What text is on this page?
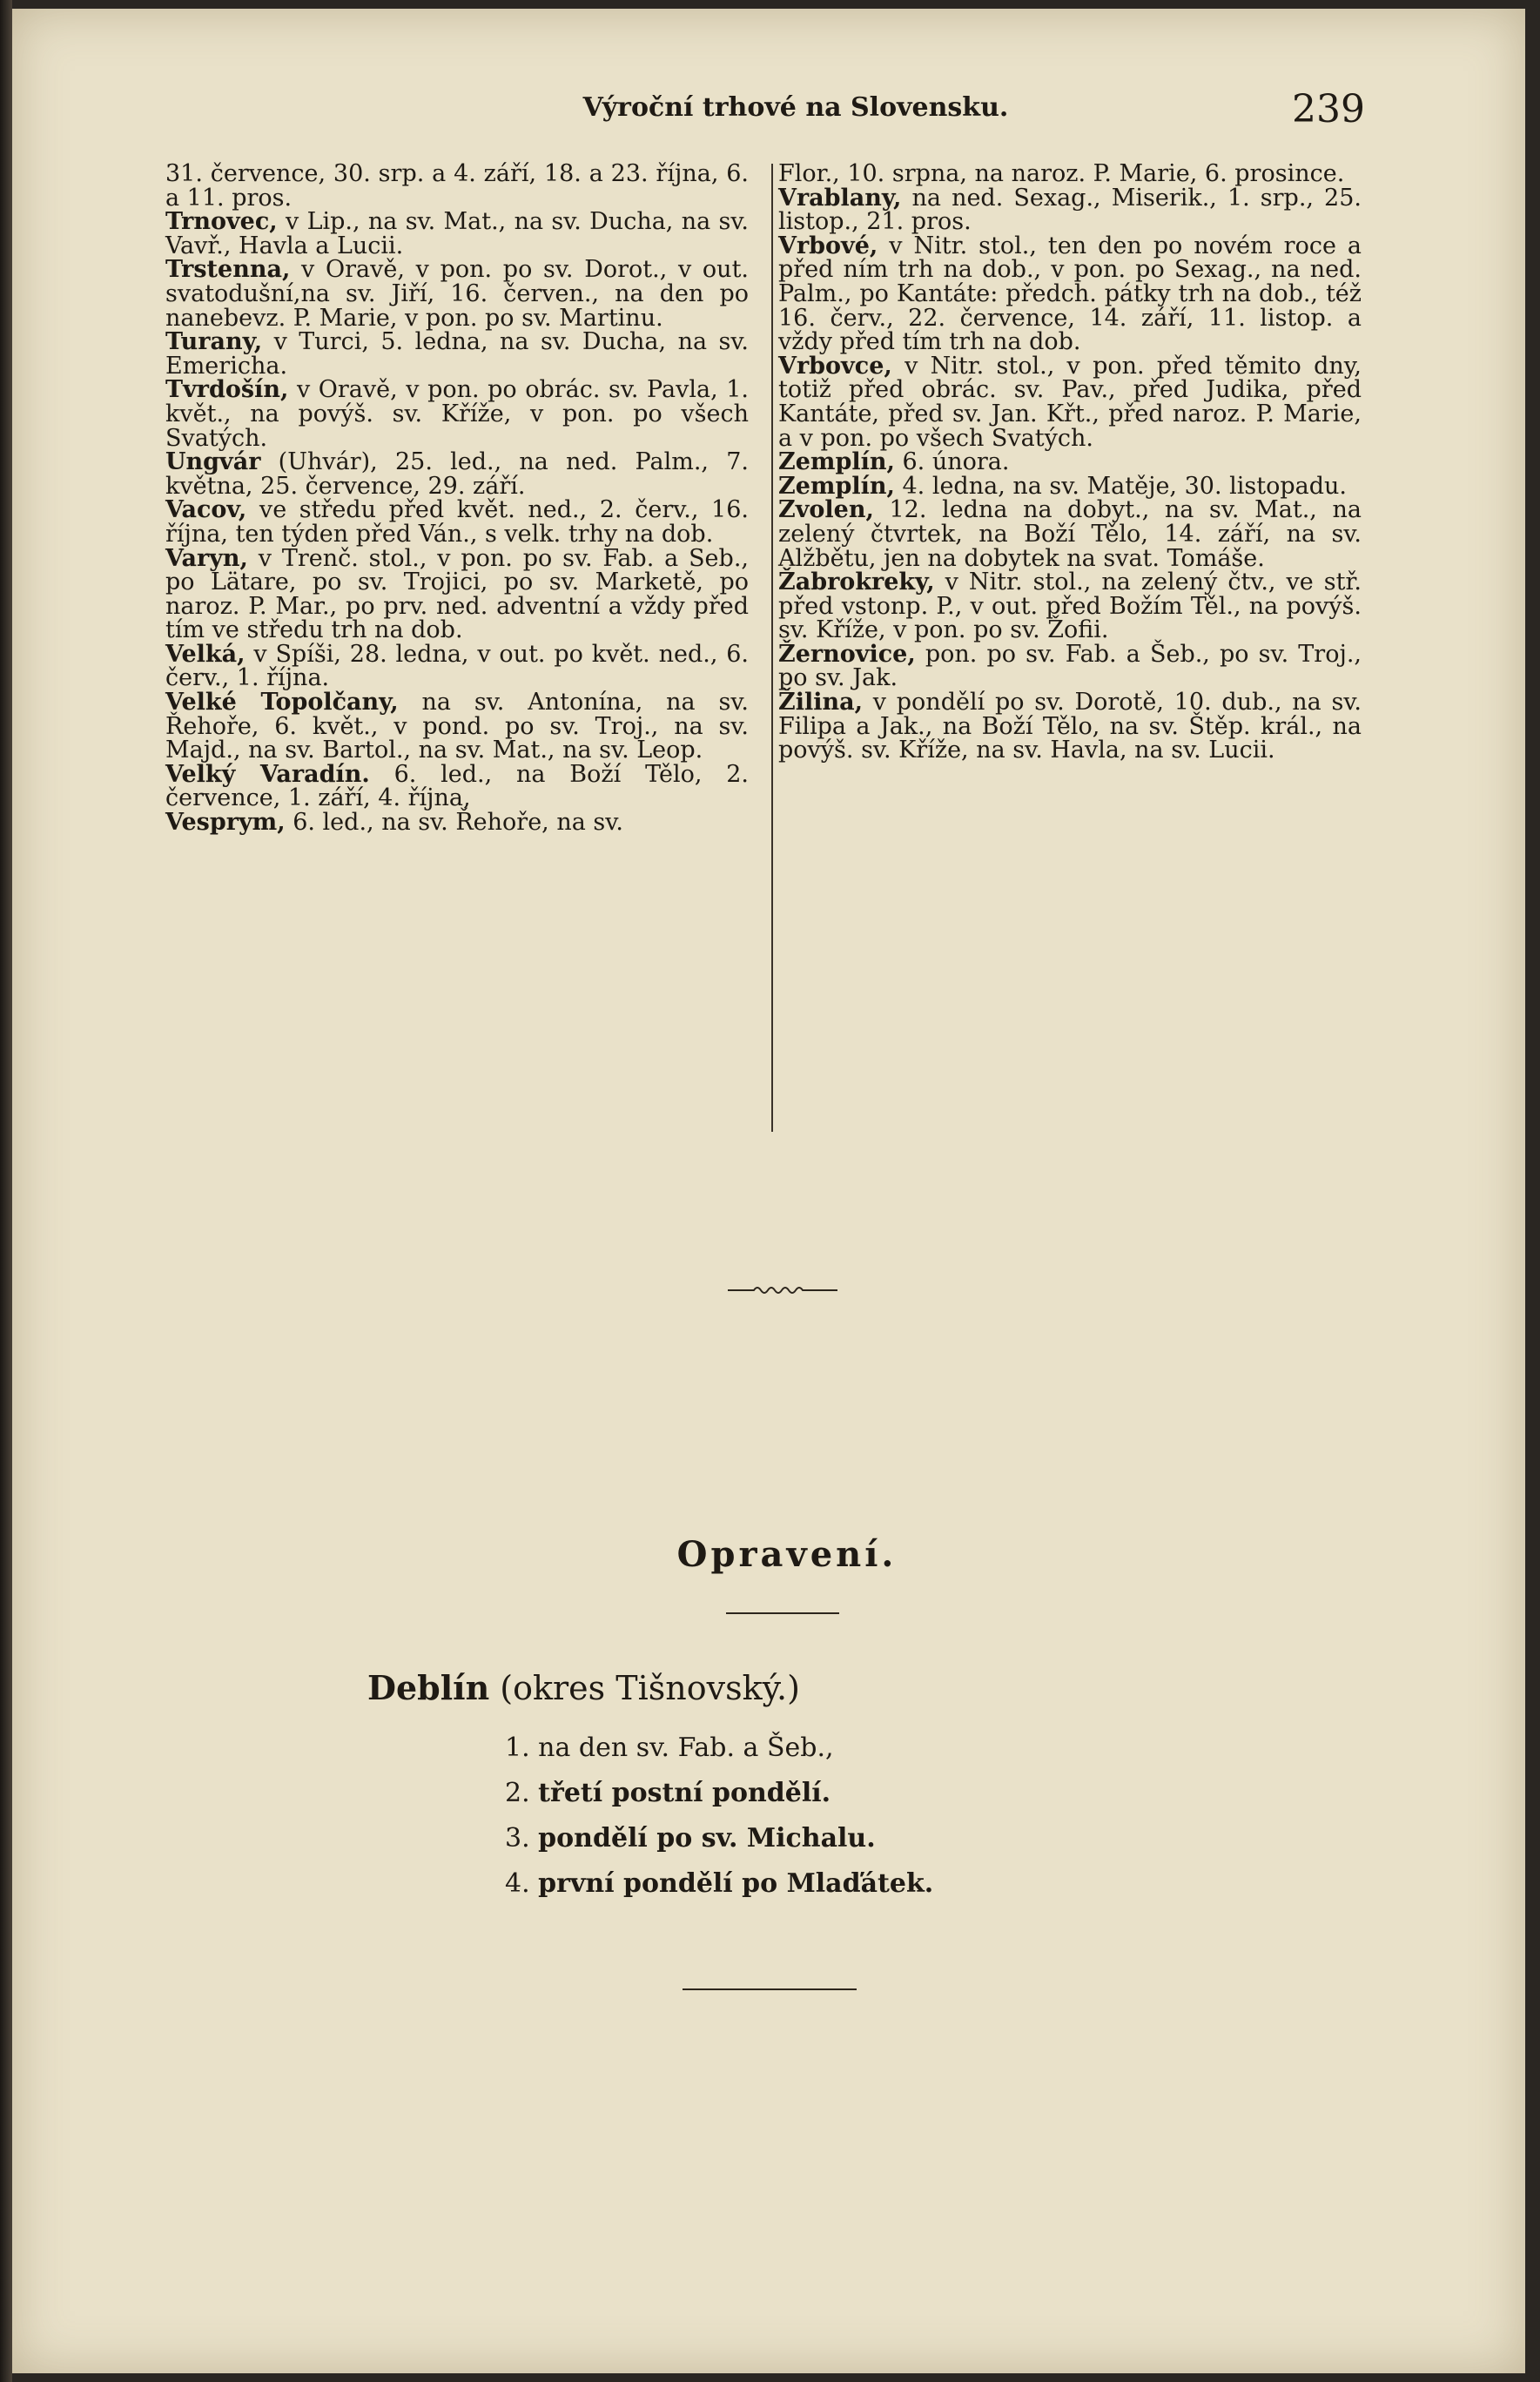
Výroční trhové na Slovensku.	239
31. července, 30. srp. a 4. září, 18. a 23. října, 6. a 11. pros.
Trnovec, v Lip., na sv. Mat., na sv. Ducha, na sv. Vavř., Havla a Lucii.
Trstenna, v Oravě, v pon. po sv. Dorot., v out. svatodušní,na sv. Jiří, 16. červen., na den po nanebevz. P. Marie, v pon. po sv. Martinu.
Turany, v Turci, 5. ledna, na sv. Ducha, na sv. Emericha.
Tvrdošín, v Oravě, v pon. po obrác. sv. Pavla, 1. květ., na povýš. sv. Kříže, v pon. po všech Svatých.
Ungvár (Uhvár), 25. led., na ned. Palm., 7. května, 25. července, 29. září.
Vacov, ve středu před květ. ned., 2. červ., 16. října, ten týden před Ván., s velk. trhy na dob.
Varyn, v Trenč. stol., v pon. po sv. Fab. a Seb., po Lätare, po sv. Trojici, po sv. Marketě, po naroz. P. Mar., po prv. ned. adventní a vždy před tím ve středu trh na dob.
Velká, v Spíši, 28. ledna, v out. po květ. ned., 6. červ., 1. října.
Velké Topolčany, na sv. Antonína, na sv. Řehoře, 6. květ., v pond. po sv. Troj., na sv. Majd., na sv. Bartol., na sv. Mat., na sv. Leop.
Velký Varadín. 6. led., na Boží Tělo, 2. července, 1. září, 4. října,
Vesprym, 6. led., na sv. Řehoře, na sv.
Flor., 10. srpna, na naroz. P. Marie, 6. prosince.
Vrablany, na ned. Sexag., Miserik., 1. srp., 25. listop., 21. pros.
Vrbové, v Nitr. stol., ten den po novém roce a před ním trh na dob., v pon. po Sexag., na ned. Palm., po Kantáte: předch. pátky trh na dob., též 16. červ., 22. července, 14. září, 11. listop. a vždy před tím trh na dob.
Vrbovce, v Nitr. stol., v pon. před těmito dny, totiž před obrác. sv. Pav., před Judika, před Kantáte, před sv. Jan. Křt., před naroz. P. Marie, a v pon. po všech Svatých.
Zemplín, 6. února.
Zemplín, 4. ledna, na sv. Matěje, 30. listopadu.
Zvolen, 12. ledna na dobyt., na sv. Mat., na zelený čtvrtek, na Boží Tělo, 14. září, na sv. Alžbětu, jen na dobytek na svat. Tomáše.
Žabrokreky, v Nitr. stol., na zelený čtv., ve stř. před vstonp. P., v out. před Božím Těl., na povýš. sv. Kříže, v pon. po sv. Žofii.
Žernovice, pon. po sv. Fab. a Šeb., po sv. Troj., po sv. Jak.
Žilina, v pondělí po sv. Dorotě, 10. dub., na sv. Filipa a Jak., na Boží Tělo, na sv. Štěp. král., na povýš. sv. Kříže, na sv. Havla, na sv. Lucii.
Opravení.
Deblín (okres Tišnovský.)
1. na den sv. Fab. a Šeb.,
2. třetí postní pondělí.
3. pondělí po sv. Michalu.
4. první pondělí po Mlaďátek.
